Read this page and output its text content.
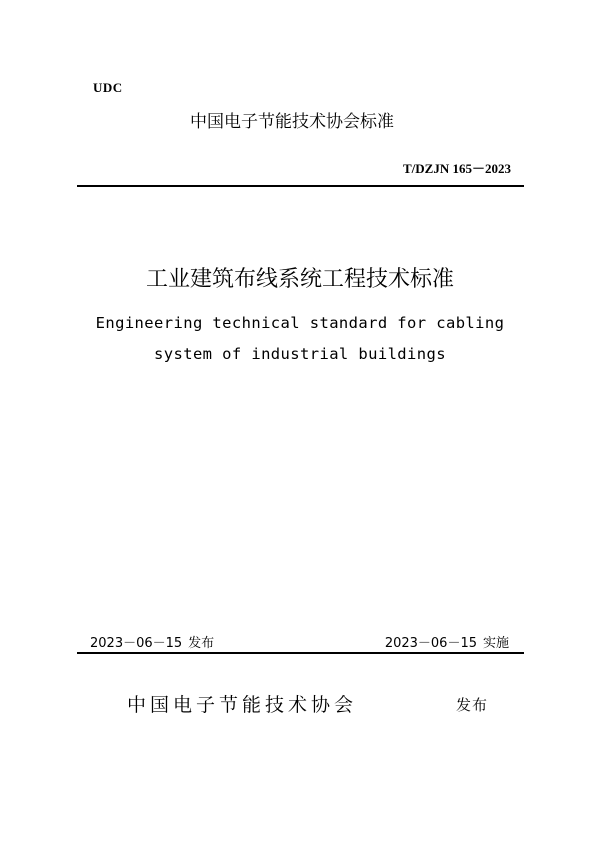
UDC
中国电子节能技术协会标准
T/DZJN 165－2023
工业建筑布线系统工程技术标准
Engineering technical standard for cabling
system of industrial buildings
2023－06－15 发布	2023－06－15 实施
中国电子节能技术协会	发布
